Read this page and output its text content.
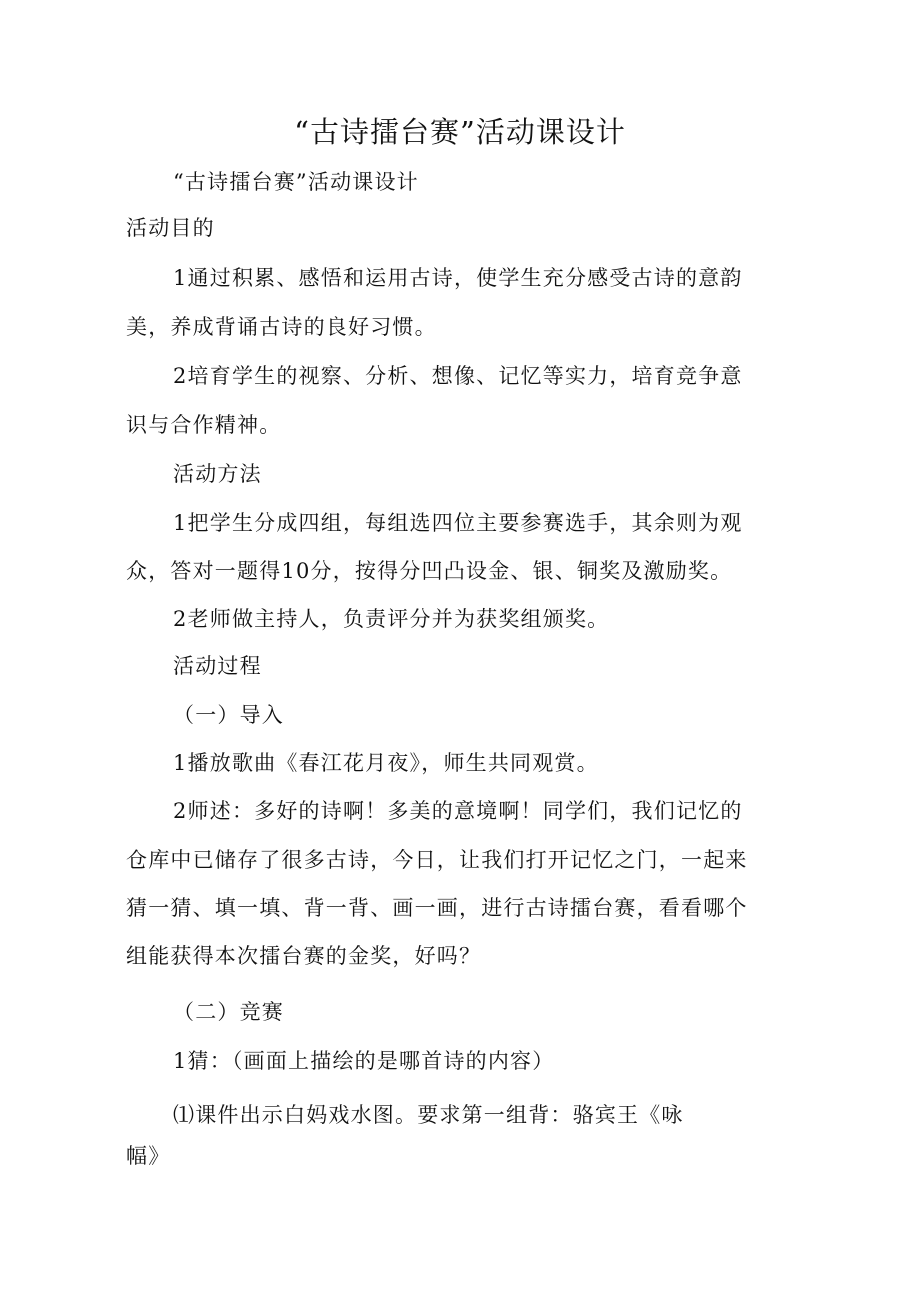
“古诗擂台赛”活动课设计

“古诗擂台赛”活动课设计

活动目的

1通过积累、感悟和运用古诗，使学生充分感受古诗的意韵

美，养成背诵古诗的良好习惯。

2培育学生的视察、分析、想像、记忆等实力，培育竞争意

识与合作精神。

活动方法

1把学生分成四组，每组选四位主要参赛选手，其余则为观

众，答对一题得10分，按得分凹凸设金、银、铜奖及激励奖。

2老师做主持人，负责评分并为获奖组颁奖。

活动过程

（一）导入

1播放歌曲《春江花月夜》，师生共同观赏。

2师述：多好的诗啊！多美的意境啊！同学们，我们记忆的

仓库中已储存了很多古诗，今日，让我们打开记忆之门，一起来

猜一猜、填一填、背一背、画一画，进行古诗擂台赛，看看哪个

组能获得本次擂台赛的金奖，好吗？

（二）竞赛

1猜：（画面上描绘的是哪首诗的内容）

⑴课件出示白妈戏水图。要求第一组背：骆宾王《咏

幅》
